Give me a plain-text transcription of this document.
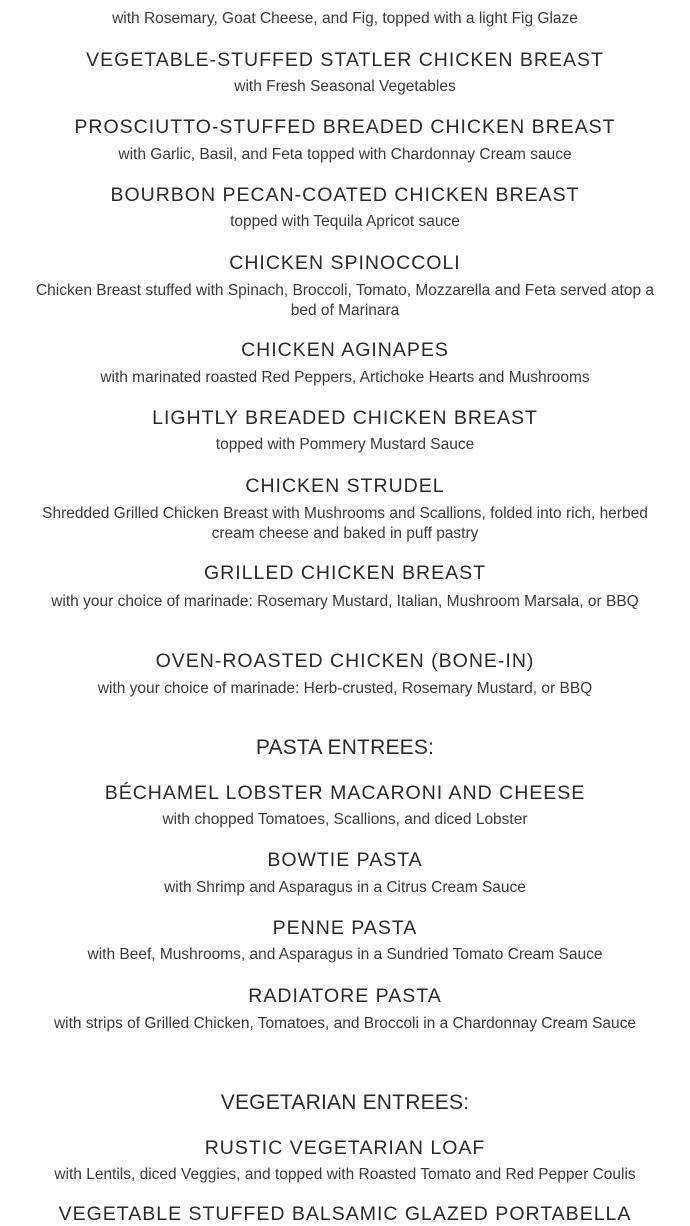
with Rosemary, Goat Cheese, and Fig, topped with a light Fig Glaze
VEGETABLE-STUFFED STATLER CHICKEN BREAST
with Fresh Seasonal Vegetables
PROSCIUTTO-STUFFED BREADED CHICKEN BREAST
with Garlic, Basil, and Feta topped with Chardonnay Cream sauce
BOURBON PECAN-COATED CHICKEN BREAST
topped with Tequila Apricot sauce
CHICKEN SPINOCCOLI
Chicken Breast stuffed with Spinach, Broccoli, Tomato, Mozzarella and Feta served atop a bed of Marinara
CHICKEN AGINAPES
with marinated roasted Red Peppers, Artichoke Hearts and Mushrooms
LIGHTLY BREADED CHICKEN BREAST
topped with Pommery Mustard Sauce
CHICKEN STRUDEL
Shredded Grilled Chicken Breast with Mushrooms and Scallions, folded into rich, herbed cream cheese and baked in puff pastry
GRILLED CHICKEN BREAST
with your choice of marinade: Rosemary Mustard, Italian, Mushroom Marsala, or BBQ
OVEN-ROASTED CHICKEN (BONE-IN)
with your choice of marinade: Herb-crusted, Rosemary Mustard, or BBQ
PASTA ENTREES:
BÉCHAMEL LOBSTER MACARONI AND CHEESE
with chopped Tomatoes, Scallions, and diced Lobster
BOWTIE PASTA
with Shrimp and Asparagus in a Citrus Cream Sauce
PENNE PASTA
with Beef, Mushrooms, and Asparagus in a Sundried Tomato Cream Sauce
RADIATORE PASTA
with strips of Grilled Chicken, Tomatoes, and Broccoli in a Chardonnay Cream Sauce
VEGETARIAN ENTREES:
RUSTIC VEGETARIAN LOAF
with Lentils, diced Veggies, and topped with Roasted Tomato and Red Pepper Coulis
VEGETABLE STUFFED BALSAMIC GLAZED PORTABELLA
